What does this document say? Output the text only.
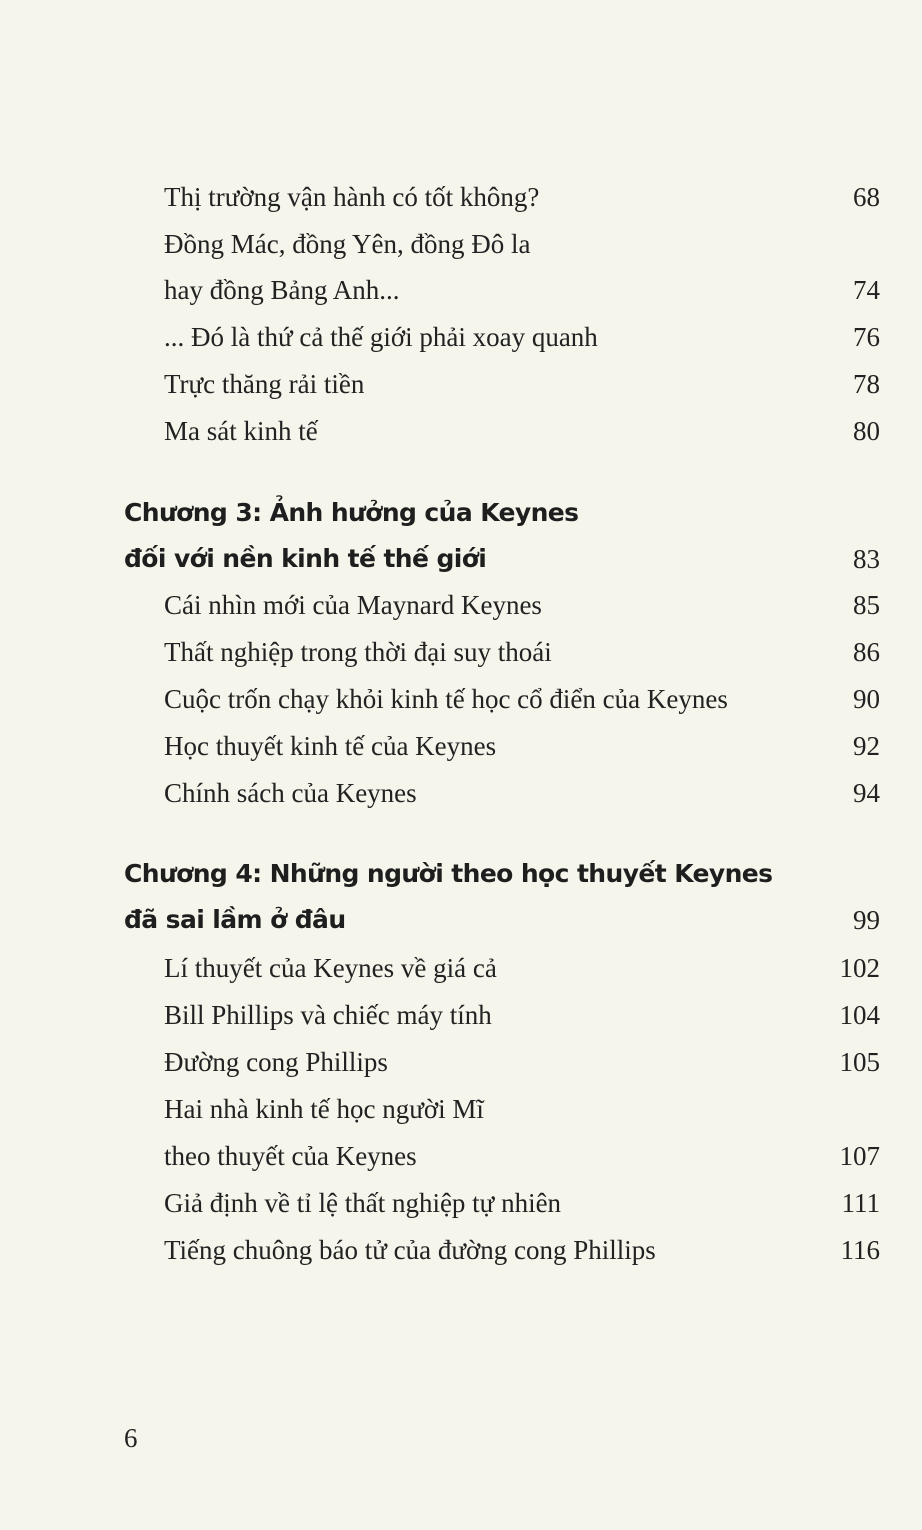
Thị trường vận hành có tốt không?	68
Đồng Mác, đồng Yên, đồng Đô la
hay đồng Bảng Anh...	74
... Đó là thứ cả thế giới phải xoay quanh	76
Trực thăng rải tiền	78
Ma sát kinh tế	80
Chương 3: Ảnh hưởng của Keynes
đối với nền kinh tế thế giới	83
Cái nhìn mới của Maynard Keynes	85
Thất nghiệp trong thời đại suy thoái	86
Cuộc trốn chạy khỏi kinh tế học cổ điển của Keynes	90
Học thuyết kinh tế của Keynes	92
Chính sách của Keynes	94
Chương 4: Những người theo học thuyết Keynes
đã sai lầm ở đâu	99
Lí thuyết của Keynes về giá cả	102
Bill Phillips và chiếc máy tính	104
Đường cong Phillips	105
Hai nhà kinh tế học người Mĩ
theo thuyết của Keynes	107
Giả định về tỉ lệ thất nghiệp tự nhiên	111
Tiếng chuông báo tử của đường cong Phillips	116
6
